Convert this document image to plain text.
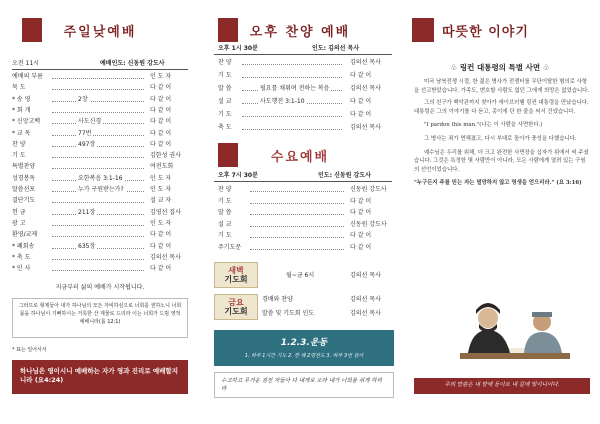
주일낮예배
오전 11시	예배인도: 신동원 강도사
예배의 부름	인 도 자
묵 도	다 같 이
* 송 영	2장	다 같 이
* 회 개	다 같 이
* 신앙고백	사도신경	다 같 이
* 교 독	77번	다 같 이
찬 양	497장	다 같 이
기 도	김한성 권사
특별찬양	여전도회
성경봉독	요한복음 3:1-16	인 도 자
말씀선포	누가 구원받는가?	인 도 자
결단기도	설 교 자
헌 금	211장	김영선 집사
광 고	인 도 자
환영/교제	다 같 이
* 폐회송	635장	다 같 이
* 축 도	김의선 목사
* 인 사	다 같 이
지금부터 삶의 예배가 시작됩니다.
그러므로 형제들아 내가 하나님의 모든 자비하심으로 너희를 권하노니 너희 몸을 하나님이 기뻐하시는 거룩한 산 제물로 드리라 이는 너희가 드릴 영적 예배니라(롬 12:1)
* 표는 일어서서
하나님은 영이시니 예배하는 자가 영과 진리로 예배할지니라 (요4:24)
오후 찬양 예배
오후 1시 30분	인도: 김의선 목사
찬 양	김의선 목사
기 도	다 같 이
말 씀	필요를 채워며 전하는 복음	김의선 목사
설 교	사도행전 3:1-10	다 같 이
기 도	다 같 이
축 도	김의선 목사
수요예배
오후 7시 30분	인도: 신동원 강도사
찬 양	신동원 강도사
기 도	다 같 이
말 씀	다 같 이
설 교	신동원 강도사
기 도	다 같 이
주기도문	다 같 이
새벽
기도회	월~금 6시	김의선 목사
금요
기도회
경배와 찬양	김의선 목사
말씀 및 기도회 인도	김의선 목사
1.2.3.운동
1. 하루 1시간 기도 2. 한 해 2명전도 3. 하루 3번 감사
수고하고 무거운 짐진 자들아 다 내게로 오라 내가 너희를 쉬게 하리라
따뜻한 이야기
♧ 링컨 대통령의 특별 사면 ♧

미국 남북전쟁 시절, 한 젊은 병사가 전쟁터를 무단이탈한 혐의로 사형을 선고받았습니다. 가족도, 변호할 사람도 없던 그에게 희망은 없었습니다.

그의 친구가 백악관까지 찾아가 에이브러햄 링컨 대통령을 만났습니다. 대통령은 그의 이야기를 다 듣고, 종이에 단 한 줄을 써서 건넸습니다.

"I pardon this man."(나는 이 사람을 사면한다.)

그 병사는 죄가 면해졌고, 다시 부대로 돌아가 충성을 다했습니다.

예수님은 우리를 위해, 더 크고 완전한 사면장을 십자가 위에서 써 주셨습니다. 그것은 특정한 몇 사람만이 아니라, 모든 사람에게 열려 있는 구원의 선언이었습니다.

"누구든지 주를 믿는 자는 멸망하지 않고 영생을 얻으리라." (요 3:16)

주의 말씀은 내 발에 등이요 내 길에 빛이니이다.
